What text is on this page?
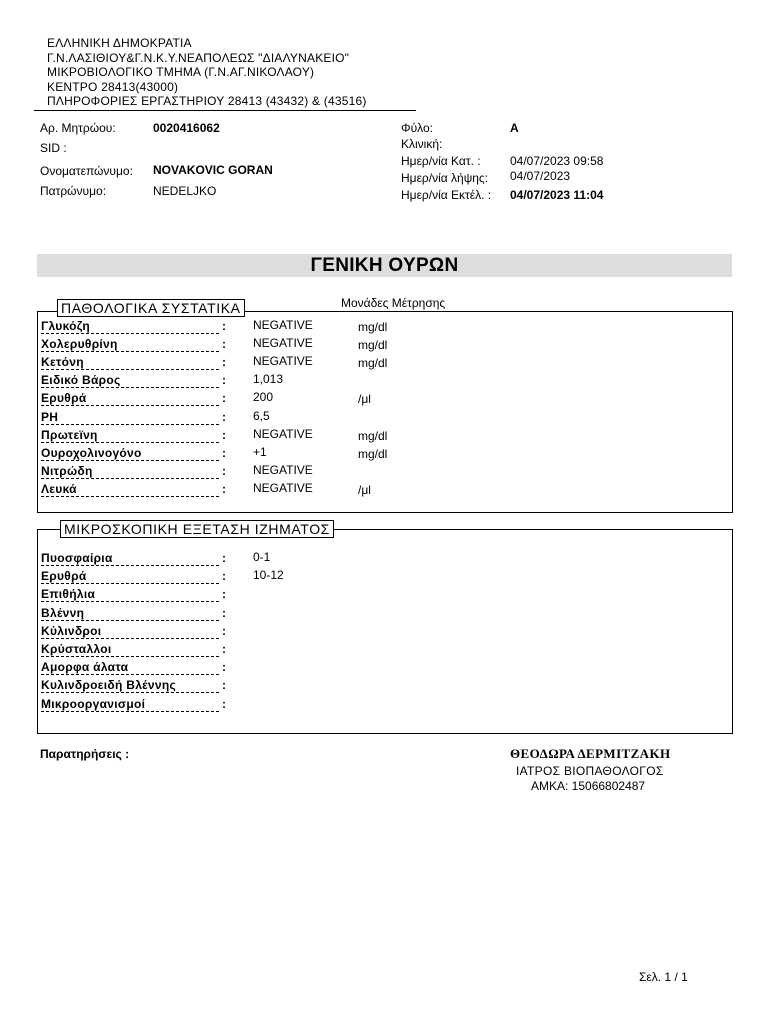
ΕΛΛΗΝΙΚΗ ΔΗΜΟΚΡΑΤΙΑ
Γ.Ν.ΛΑΣΙΘΙΟΥ&Γ.Ν.Κ.Υ.ΝΕΑΠΟΛΕΩΣ "ΔΙΑΛΥΝΑΚΕΙΟ"
ΜΙΚΡΟΒΙΟΛΟΓΙΚΟ ΤΜΗΜΑ (Γ.Ν.ΑΓ.ΝΙΚΟΛΑΟΥ)
ΚΕΝΤΡΟ 28413(43000)
ΠΛΗΡΟΦΟΡΙΕΣ ΕΡΓΑΣΤΗΡΙΟΥ 28413 (43432) & (43516)
Αρ. Μητρώου:	0020416062
SID :
Ονοματεπώνυμο: NOVAKOVIC GORAN
Πατρώνυμο:	NEDELJKO
Φύλο:	A
Κλινική:
Ημερ/νία Κατ. : 04/07/2023 09:58
Ημερ/νία λήψης: 04/07/2023
Ημερ/νία Εκτέλ. : 04/07/2023 11:04
ΓΕΝΙΚΗ ΟΥΡΩΝ
Μονάδες Μέτρησης
ΠΑΘΟΛΟΓΙΚΑ ΣΥΣΤΑΤΙΚΑ
Γλυκόζη	: NEGATIVE	mg/dl
Χολερυθρίνη	: NEGATIVE	mg/dl
Κετόνη	: NEGATIVE	mg/dl
Ειδικό Βάρος	: 1,013
Ερυθρά	: 200	/μl
PH	: 6,5
Πρωτεϊνη	: NEGATIVE	mg/dl
Ουροχολινογόνο	: +1	mg/dl
Νιτρώδη	: NEGATIVE
Λευκά	: NEGATIVE	/μl
ΜΙΚΡΟΣΚΟΠΙΚΗ ΕΞΕΤΑΣΗ ΙΖΗΜΑΤΟΣ
Πυοσφαίρια	: 0-1
Ερυθρά	: 10-12
Επιθήλια	:
Βλέννη	:
Κύλινδροι	:
Κρύσταλλοι	:
Αμορφα άλατα	:
Κυλινδροειδή Βλέννης	:
Μικροοργανισμοί	:
Παρατηρήσεις :	ΘΕΟΔΩΡΑ ΔΕΡΜΙΤΖΑΚΗ
ΙΑΤΡΟΣ ΒΙΟΠΑΘΟΛΟΓΟΣ
ΑΜΚΑ: 15066802487
Σελ. 1 / 1
